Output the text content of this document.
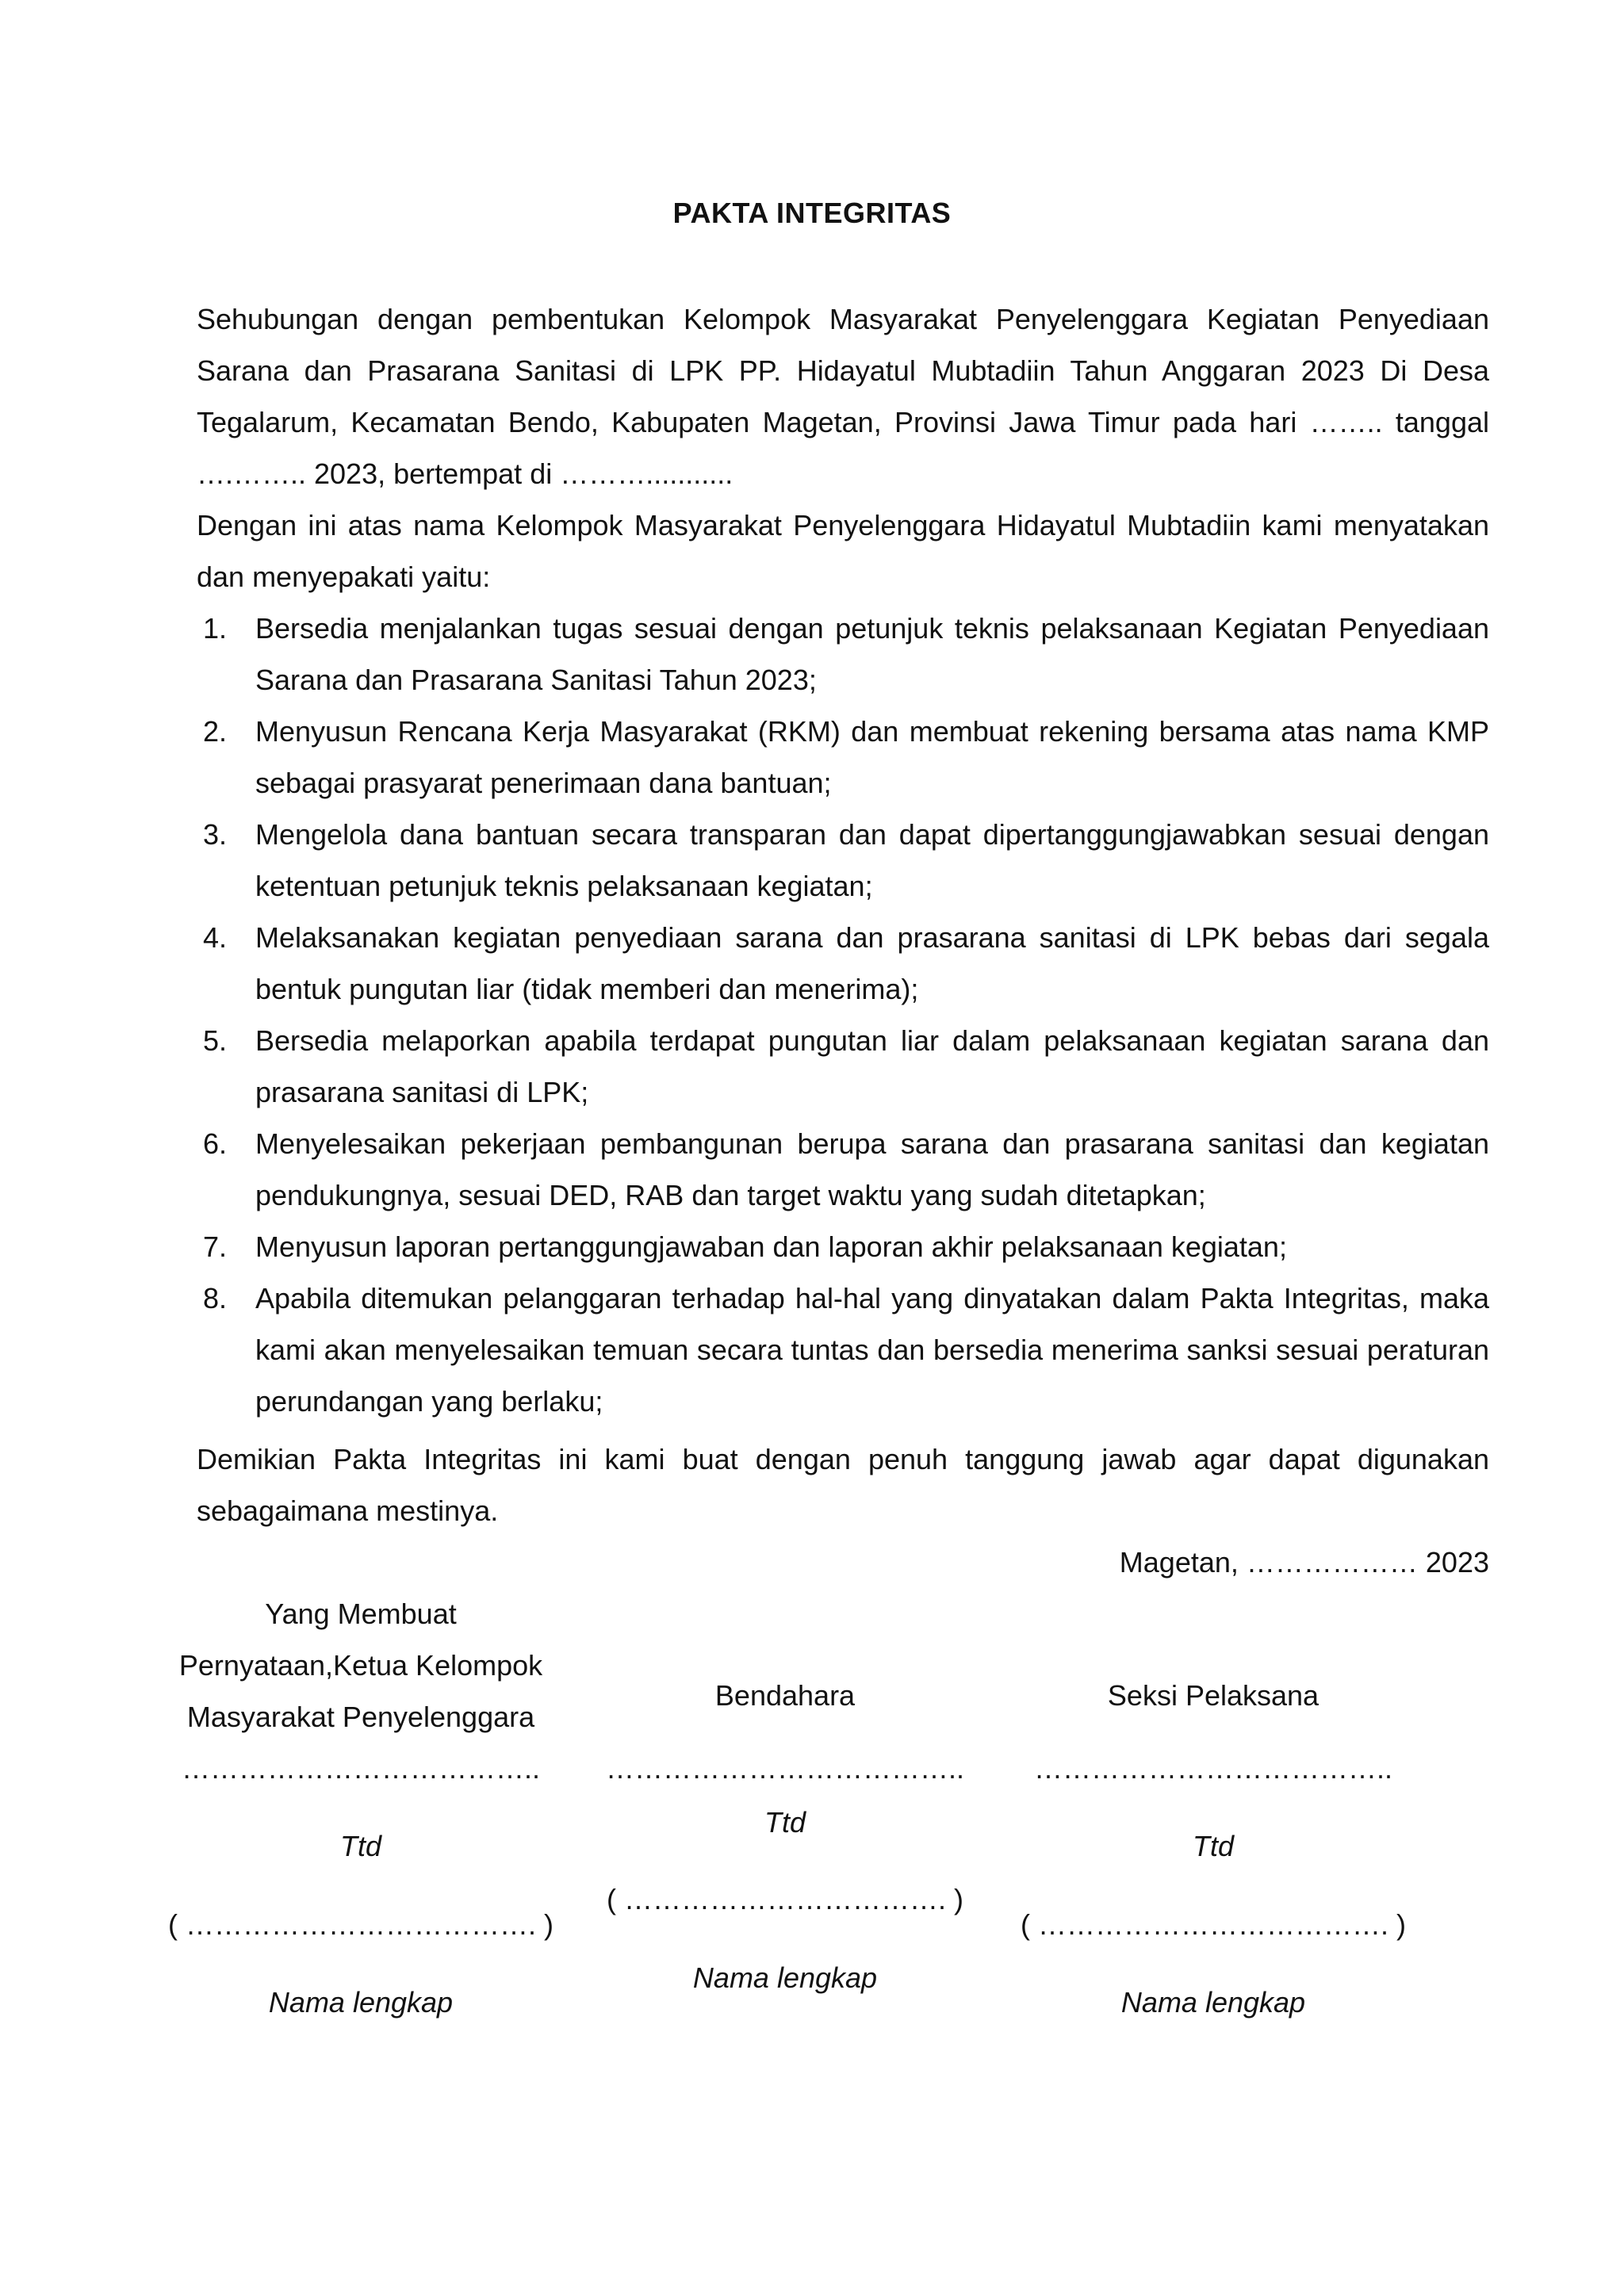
PAKTA INTEGRITAS
Sehubungan dengan pembentukan Kelompok Masyarakat Penyelenggara Kegiatan Penyediaan Sarana dan Prasarana Sanitasi di LPK PP. Hidayatul Mubtadiin Tahun Anggaran 2023 Di Desa Tegalarum, Kecamatan Bendo, Kabupaten Magetan, Provinsi Jawa Timur pada hari …….. tanggal ….…….. 2023, bertempat di ………...........
Dengan ini atas nama Kelompok Masyarakat Penyelenggara Hidayatul Mubtadiin kami menyatakan dan menyepakati yaitu:
1. Bersedia menjalankan tugas sesuai dengan petunjuk teknis pelaksanaan Kegiatan Penyediaan Sarana dan Prasarana Sanitasi Tahun 2023;
2. Menyusun Rencana Kerja Masyarakat (RKM) dan membuat rekening bersama atas nama KMP sebagai prasyarat penerimaan dana bantuan;
3. Mengelola dana bantuan secara transparan dan dapat dipertanggungjawabkan sesuai dengan ketentuan petunjuk teknis pelaksanaan kegiatan;
4. Melaksanakan kegiatan penyediaan sarana dan prasarana sanitasi di LPK bebas dari segala bentuk pungutan liar (tidak memberi dan menerima);
5. Bersedia melaporkan apabila terdapat pungutan liar dalam pelaksanaan kegiatan sarana dan prasarana sanitasi di LPK;
6. Menyelesaikan pekerjaan pembangunan berupa sarana dan prasarana sanitasi dan kegiatan pendukungnya, sesuai DED, RAB dan target waktu yang sudah ditetapkan;
7. Menyusun laporan pertanggungjawaban dan laporan akhir pelaksanaan kegiatan;
8. Apabila ditemukan pelanggaran terhadap hal-hal yang dinyatakan dalam Pakta Integritas, maka kami akan menyelesaikan temuan secara tuntas dan bersedia menerima sanksi sesuai peraturan perundangan yang berlaku;
Demikian Pakta Integritas ini kami buat dengan penuh tanggung jawab agar dapat digunakan sebagaimana mestinya.
Magetan, ……………… 2023
Yang Membuat
Pernyataan,Ketua Kelompok
Masyarakat Penyelenggara
………………………………..
Ttd
( ………………………………. )
Nama lengkap
Bendahara
………………………………..
Ttd
( ……………………………. )
Nama lengkap
Seksi Pelaksana
………………………………..
Ttd
( ………………………………. )
Nama lengkap
